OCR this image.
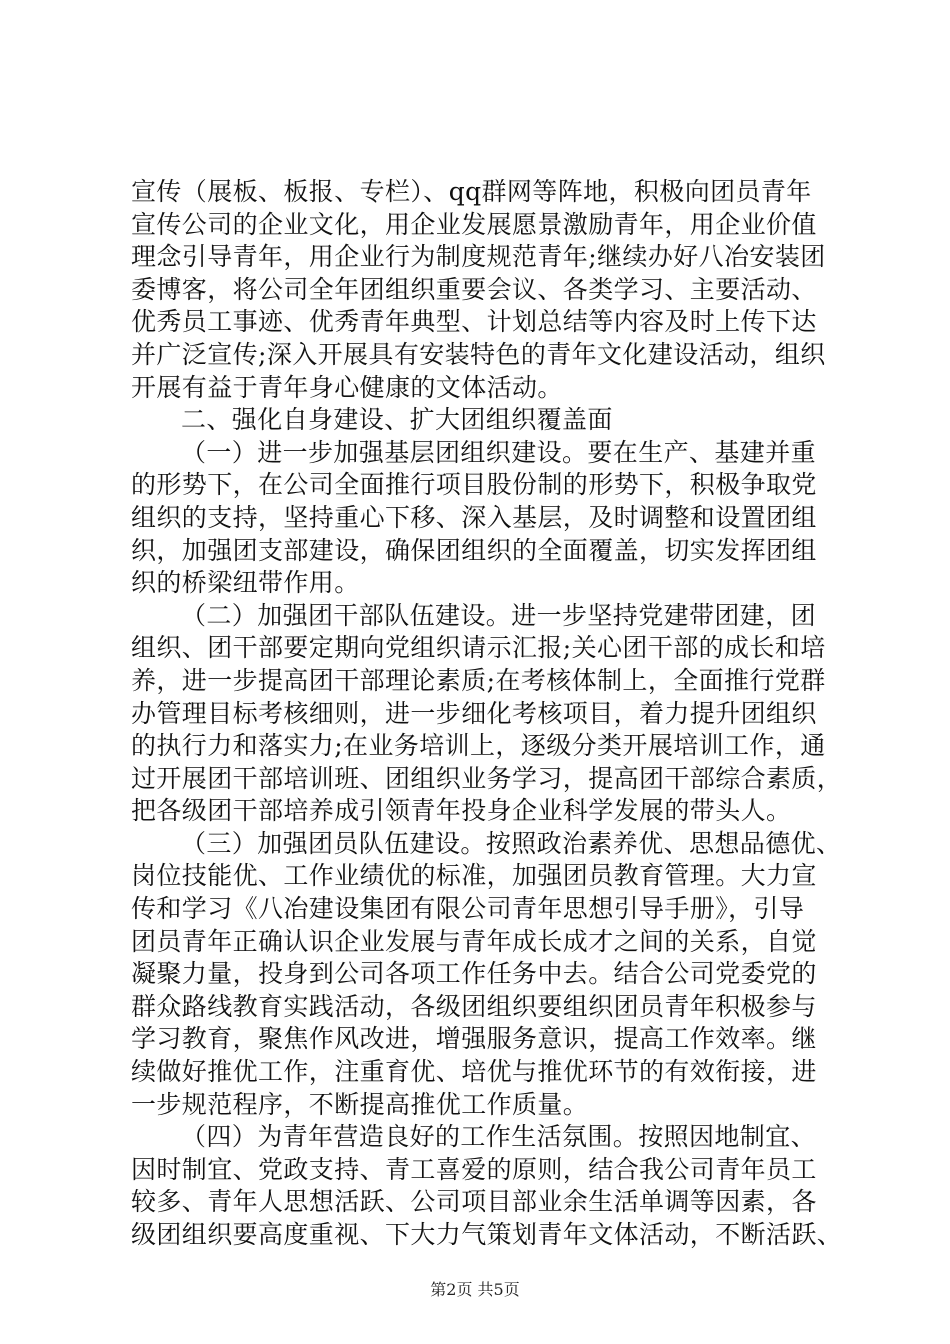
宣传（展板、板报、专栏）、qq群网等阵地，积极向团员青年
宣传公司的企业文化，用企业发展愿景激励青年，用企业价值
理念引导青年，用企业行为制度规范青年;继续办好八冶安装团
委博客，将公司全年团组织重要会议、各类学习、主要活动、
优秀员工事迹、优秀青年典型、计划总结等内容及时上传下达
并广泛宣传;深入开展具有安装特色的青年文化建设活动，组织
开展有益于青年身心健康的文体活动。
二、强化自身建设、扩大团组织覆盖面
（一）进一步加强基层团组织建设。要在生产、基建并重
的形势下，在公司全面推行项目股份制的形势下，积极争取党
组织的支持，坚持重心下移、深入基层，及时调整和设置团组
织，加强团支部建设，确保团组织的全面覆盖，切实发挥团组
织的桥梁纽带作用。
（二）加强团干部队伍建设。进一步坚持党建带团建，团
组织、团干部要定期向党组织请示汇报;关心团干部的成长和培
养，进一步提高团干部理论素质;在考核体制上，全面推行党群
办管理目标考核细则，进一步细化考核项目，着力提升团组织
的执行力和落实力;在业务培训上，逐级分类开展培训工作，通
过开展团干部培训班、团组织业务学习，提高团干部综合素质，
把各级团干部培养成引领青年投身企业科学发展的带头人。
（三）加强团员队伍建设。按照政治素养优、思想品德优、
岗位技能优、工作业绩优的标准，加强团员教育管理。大力宣
传和学习《八冶建设集团有限公司青年思想引导手册》，引导
团员青年正确认识企业发展与青年成长成才之间的关系，自觉
凝聚力量，投身到公司各项工作任务中去。结合公司党委党的
群众路线教育实践活动，各级团组织要组织团员青年积极参与
学习教育，聚焦作风改进，增强服务意识，提高工作效率。继
续做好推优工作，注重育优、培优与推优环节的有效衔接，进
一步规范程序，不断提高推优工作质量。
（四）为青年营造良好的工作生活氛围。按照因地制宜、
因时制宜、党政支持、青工喜爱的原则，结合我公司青年员工
较多、青年人思想活跃、公司项目部业余生活单调等因素，各
级团组织要高度重视、下大力气策划青年文体活动，不断活跃、
第2页 共5页
